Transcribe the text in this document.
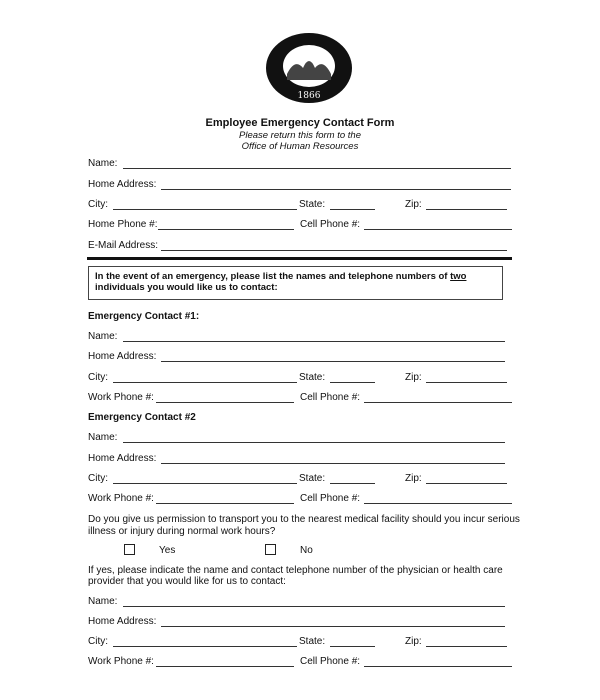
1866
Employee Emergency Contact Form
Please return this form to the
Office of Human Resources
Name:
Home Address:
City:	State:	Zip:
Home Phone #:	Cell Phone #:
E-Mail Address:
In the event of an emergency, please list the names and telephone numbers of two individuals you would like us to contact:
Emergency Contact #1:
Name:
Home Address:
City:	State:	Zip:
Work Phone #:	Cell Phone #:
Emergency Contact #2
Name:
Home Address:
City:	State:	Zip:
Work Phone #:	Cell Phone #:
Do you give us permission to transport you to the nearest medical facility should you incur serious
illness or injury during normal work hours?
Yes	No
If yes, please indicate the name and contact telephone number of the physician or health care
provider that you would like for us to contact:
Name:
Home Address:
City:	State:	Zip:
Work Phone #:	Cell Phone #:
